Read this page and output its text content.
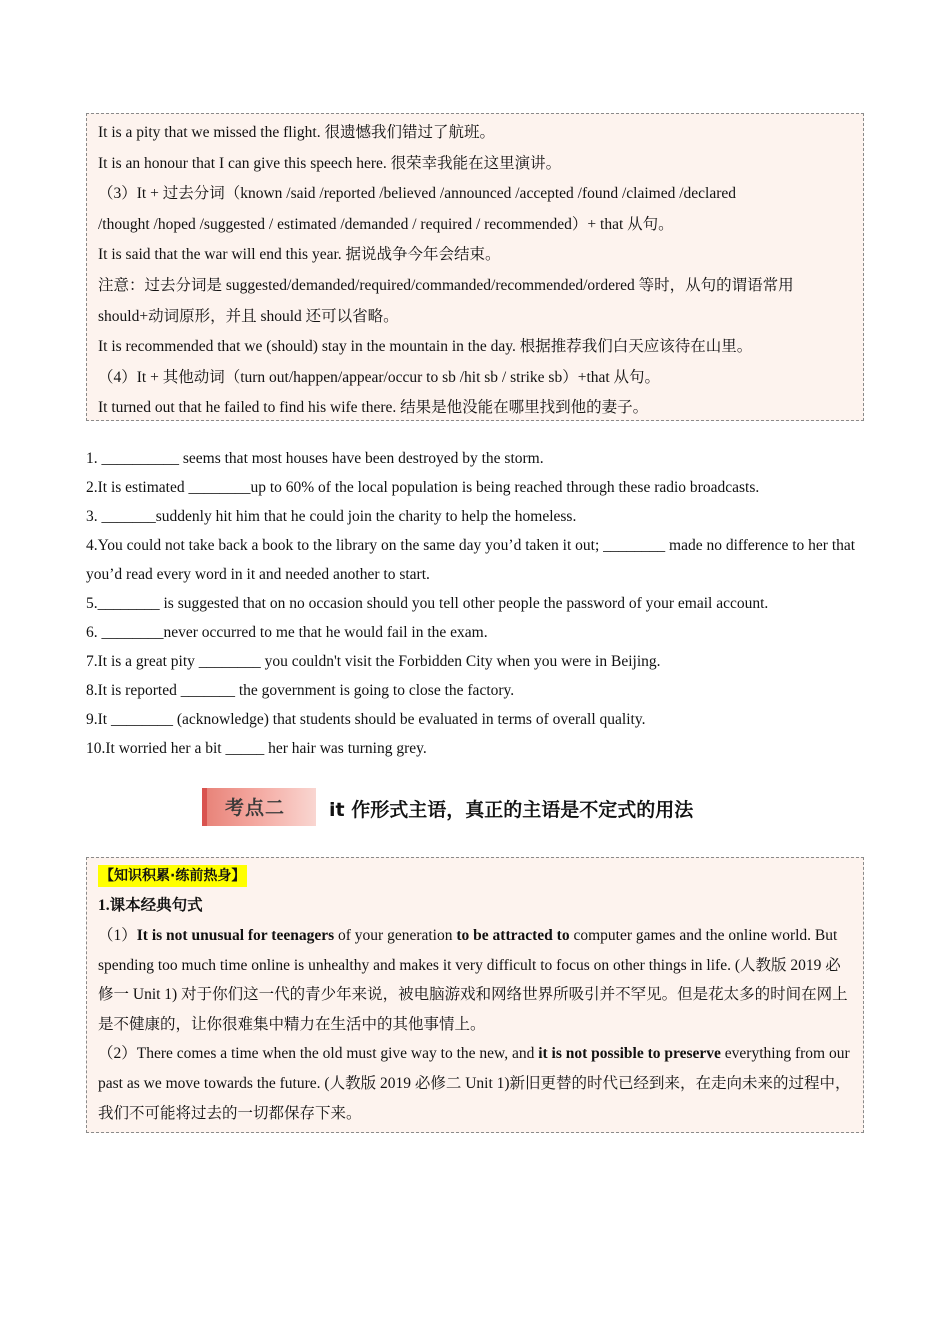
It is a pity that we missed the flight. 很遗憾我们错过了航班。
It is an honour that I can give this speech here. 很荣幸我能在这里演讲。
（3）It + 过去分词（known /said /reported /believed /announced /accepted /found /claimed /declared
/thought /hoped /suggested / estimated /demanded / required / recommended）+ that 从句。
It is said that the war will end this year. 据说战争今年会结束。
注意：过去分词是 suggested/demanded/required/commanded/recommended/ordered 等时，从句的谓语常用
should+动词原形，并且 should 还可以省略。
It is recommended that we (should) stay in the mountain in the day. 根据推荐我们白天应该待在山里。
（4）It + 其他动词（turn out/happen/appear/occur to sb /hit sb / strike sb）+that 从句。
It turned out that he failed to find his wife there. 结果是他没能在哪里找到他的妻子。

1. __________ seems that most houses have been destroyed by the storm.

2.It is estimated ________up to 60% of the local population is being reached through these radio broadcasts.

3. _______suddenly hit him that he could join the charity to help the homeless.

4.You could not take back a book to the library on the same day you’d taken it out; ________ made no difference to her that you’d read every word in it and needed another to start.

5.________ is suggested that on no occasion should you tell other people the password of your email account.

6. ________never occurred to me that he would fail in the exam.

7.It is a great pity ________ you couldn't visit the Forbidden City when you were in Beijing.

8.It is reported _______ the government is going to close the factory.

9.It ________ (acknowledge) that students should be evaluated in terms of overall quality.

10.It worried her a bit _____ her hair was turning grey.

考点二 it 作形式主语，真正的主语是不定式的用法
【知识积累·练前热身】
1.课本经典句式
（1）It is not unusual for teenagers of your generation to be attracted to computer games and the online world. But spending too much time online is unhealthy and makes it very difficult to focus on other things in life. (人教版 2019 必修一 Unit 1) 对于你们这一代的青少年来说，被电脑游戏和网络世界所吸引并不罕见。但是花太多的时间在网上是不健康的，让你很难集中精力在生活中的其他事情上。
（2）There comes a time when the old must give way to the new, and it is not possible to preserve everything from our past as we move towards the future. (人教版 2019 必修二 Unit 1)新旧更替的时代已经到来，在走向未来的过程中，我们不可能将过去的一切都保存下来。
